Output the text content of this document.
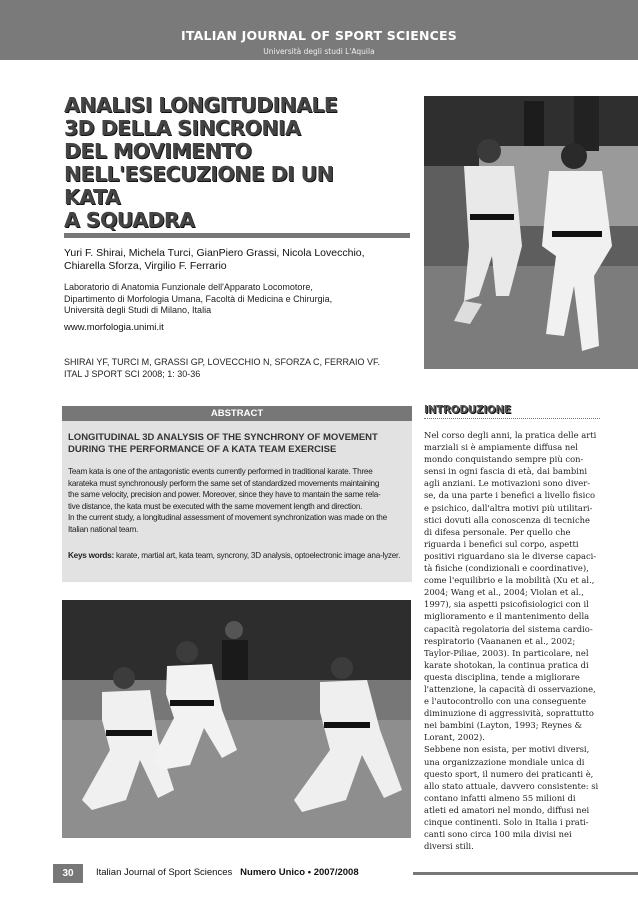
ITALIAN JOURNAL OF SPORT SCIENCES
Università degli studi L'Aquila
ANALISI LONGITUDINALE
3D DELLA SINCRONIA
DEL MOVIMENTO
NELL'ESECUZIONE DI UN KATA
A SQUADRA
Yuri F. Shirai, Michela Turci, GianPiero Grassi, Nicola Lovecchio,
Chiarella Sforza, Virgilio F. Ferrario
Laboratorio di Anatomia Funzionale dell'Apparato Locomotore,
Dipartimento di Morfologia Umana, Facoltà di Medicina e Chirurgia,
Università degli Studi di Milano, Italia
www.morfologia.unimi.it
SHIRAI YF, TURCI M, GRASSI GP, LOVECCHIO N, SFORZA C, FERRAIO VF.
ITAL J SPORT SCI 2008; 1: 30-36
ABSTRACT
LONGITUDINAL 3D ANALYSIS OF THE SYNCHRONY OF MOVEMENT
DURING THE PERFORMANCE OF A KATA TEAM EXERCISE
Team kata is one of the antagonistic events currently performed in traditional karate. Three
karateka must synchronously perform the same set of standardized movements maintaining
the same velocity, precision and power. Moreover, since they have to mantain the same rela-
tive distance, the kata must be executed with the same movement length and direction.
In the current study, a longitudinal assessment of movement synchronization was made on the
Italian national team.
Keys words: karate, martial art, kata team, syncrony, 3D analysis, optoelectronic image ana-lyzer.
INTRODUZIONE
Nel corso degli anni, la pratica delle arti
marziali si è ampiamente diffusa nel
mondo conquistando sempre più con-
sensi in ogni fascia di età, dai bambini
agli anziani. Le motivazioni sono diver-
se, da una parte i benefici a livello fisico
e psichico, dall'altra motivi più utilitari-
stici dovuti alla conoscenza di tecniche
di difesa personale. Per quello che
riguarda i benefici sul corpo, aspetti
positivi riguardano sia le diverse capaci-
tà fisiche (condizionali e coordinative),
come l'equilibrio e la mobilità (Xu et al.,
2004; Wang et al., 2004; Violan et al.,
1997), sia aspetti psicofisiologici con il
miglioramento e il mantenimento della
capacità regolatoria del sistema cardio-
respiratorio (Vaananen et al., 2002;
Taylor-Piliae, 2003). In particolare, nel
karate shotokan, la continua pratica di
questa disciplina, tende a migliorare
l'attenzione, la capacità di osservazione,
e l'autocontrollo con una conseguente
diminuzione di aggressività, soprattutto
nei bambini (Layton, 1993; Reynes &
Lorant, 2002).
Sebbene non esista, per motivi diversi,
una organizzazione mondiale unica di
questo sport, il numero dei praticanti è,
allo stato attuale, davvero consistente: si
contano infatti almeno 55 milioni di
atleti ed amatori nel mondo, diffusi nei
cinque continenti. Solo in Italia i prati-
canti sono circa 100 mila divisi nei
diversi stili.
30	Italian Journal of Sport Sciences Numero Unico • 2007/2008
